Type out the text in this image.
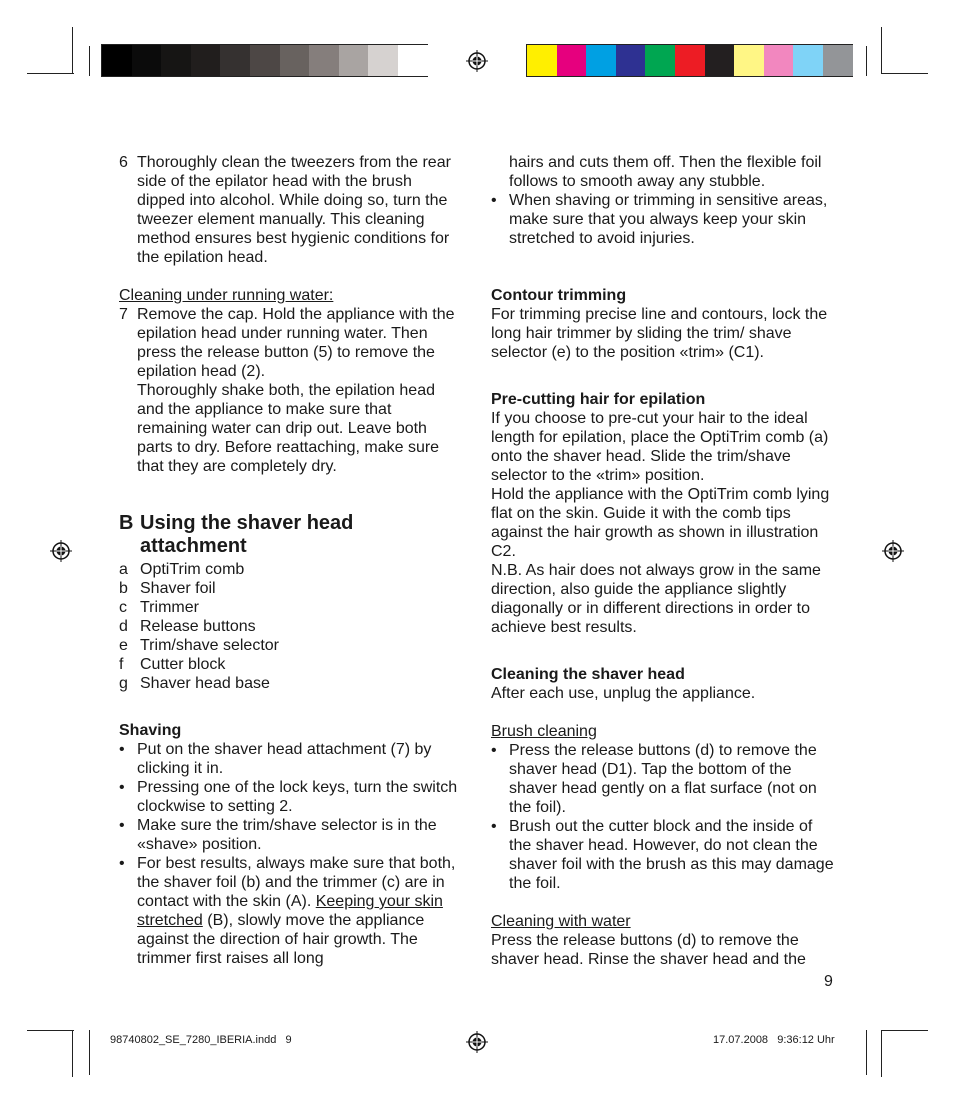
6 Thoroughly clean the tweezers from the rear side of the epilator head with the brush dipped into alcohol. While doing so, turn the tweezer element manually. This cleaning method ensures best hygienic conditions for the epilation head.

Cleaning under running water:

7 Remove the cap. Hold the appliance with the epilation head under running water. Then press the release button (5) to remove the epilation head (2).
Thoroughly shake both, the epilation head and the appliance to make sure that remaining water can drip out. Leave both parts to dry. Before reattaching, make sure that they are completely dry.
B Using the shaver head attachment
a OptiTrim comb
b Shaver foil
c Trimmer
d Release buttons
e Trim/shave selector
f	Cutter block
g Shaver head base

Shaving

• Put on the shaver head attachment (7) by clicking it in.
• Pressing one of the lock keys, turn the switch clockwise to setting 2.
• Make sure the trim/shave selector is in the «shave» position.
• For best results, always make sure that both, the shaver foil (b) and the trimmer (c) are in contact with the skin (A). Keeping your skin stretched (B), slowly move the appliance against the direction of hair growth. The trimmer first raises all long
hairs and cuts them off. Then the flexible foil follows to smooth away any stubble.
• When shaving or trimming in sensitive areas, make sure that you always keep your skin stretched to avoid injuries.

Contour trimming

For trimming precise line and contours, lock the long hair trimmer by sliding the trim/ shave selector (e) to the position «trim» (C1).

Pre-cutting hair for epilation

If you choose to pre-cut your hair to the ideal length for epilation, place the OptiTrim comb (a) onto the shaver head. Slide the trim/shave selector to the «trim» position.

Hold the appliance with the OptiTrim comb lying flat on the skin. Guide it with the comb tips against the hair growth as shown in illustration C2.

N.B. As hair does not always grow in the same direction, also guide the appliance slightly diagonally or in different directions in order to achieve best results.

Cleaning the shaver head

After each use, unplug the appliance.

Brush cleaning

• Press the release buttons (d) to remove the shaver head (D1). Tap the bottom of the shaver head gently on a flat surface (not on the foil).
• Brush out the cutter block and the inside of the shaver head. However, do not clean the shaver foil with the brush as this may damage the foil.

Cleaning with water

Press the release buttons (d) to remove the shaver head. Rinse the shaver head and the

9
98740802_SE_7280_IBERIA.indd   9	17.07.2008   9:36:12 Uhr
